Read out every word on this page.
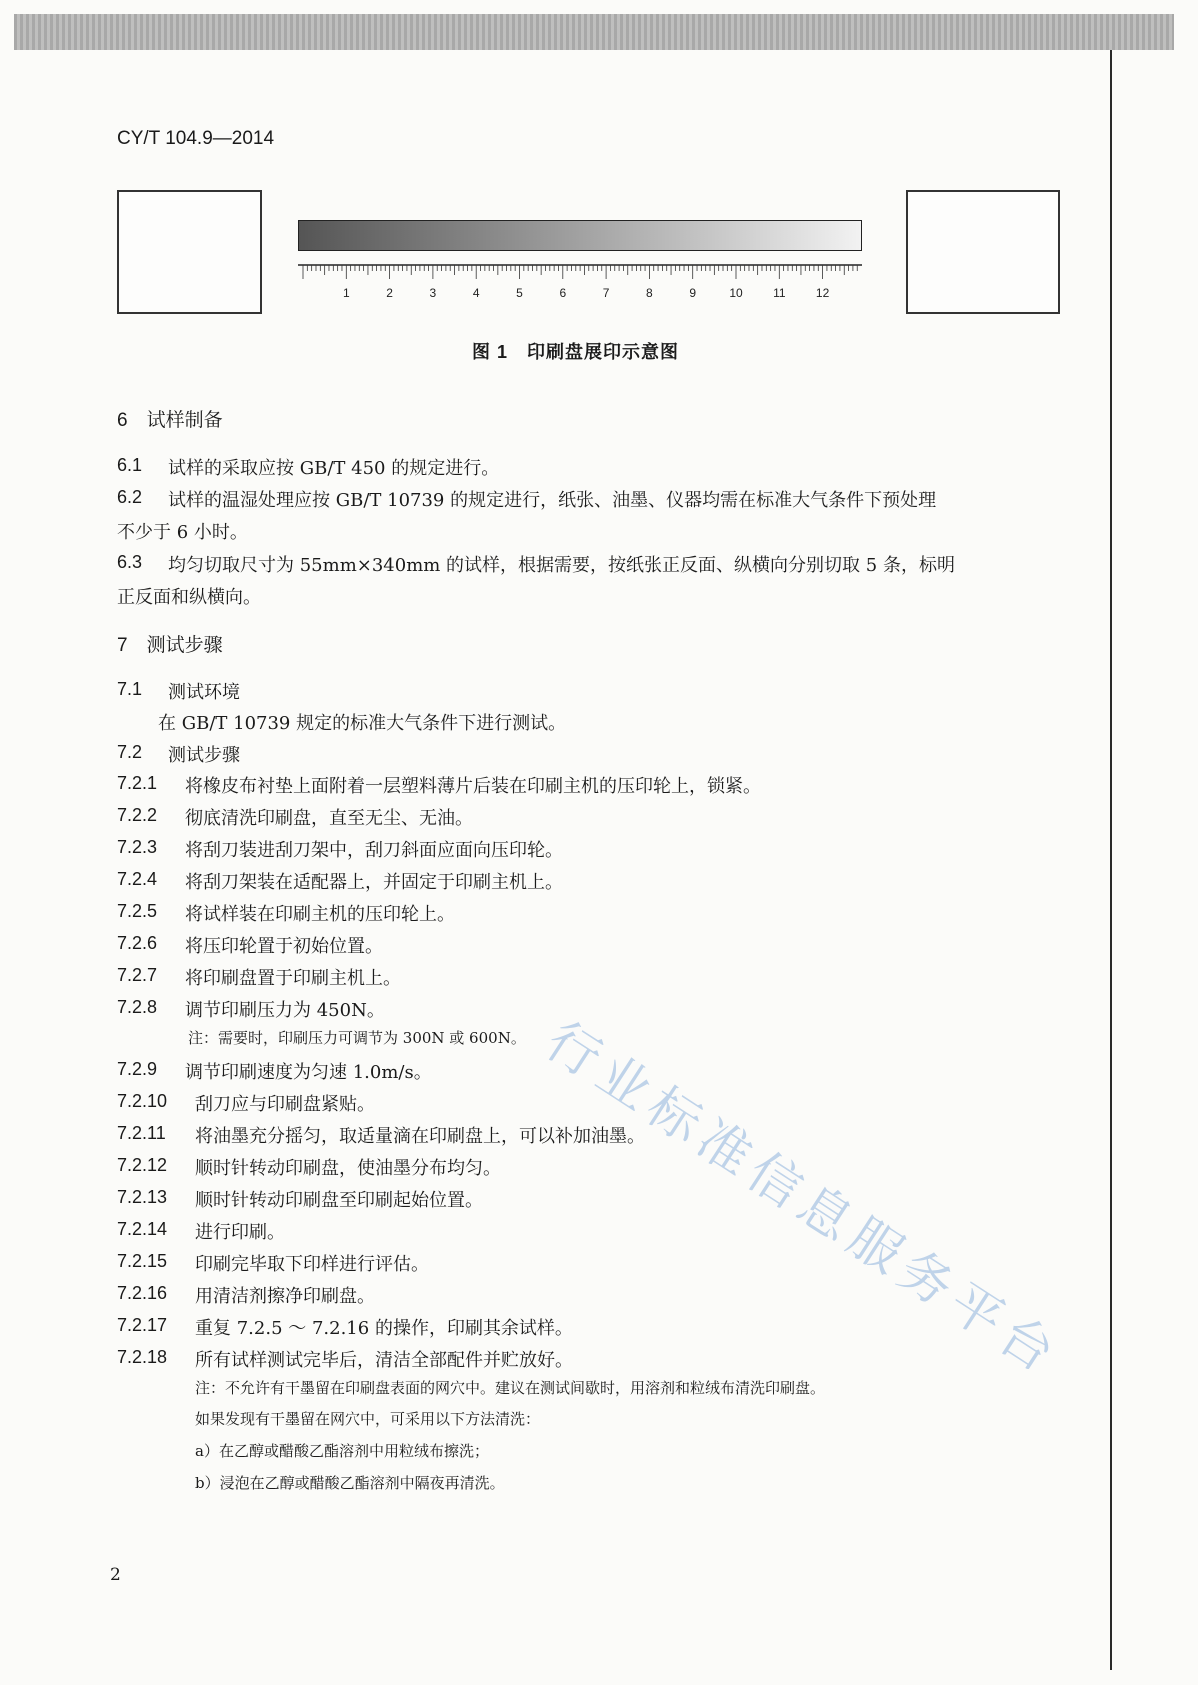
CY/T 104.9—2014
1	2	3	4	5	6	7	8	9	10	11	12
图 1　印刷盘展印示意图
6　试样制备
6.1 试样的采取应按 GB/T 450 的规定进行。
6.2 试样的温湿处理应按 GB/T 10739 的规定进行，纸张、油墨、仪器均需在标准大气条件下预处理
不少于 6 小时。
6.3 均匀切取尺寸为 55mm×340mm 的试样，根据需要，按纸张正反面、纵横向分别切取 5 条，标明
正反面和纵横向。
7　测试步骤
7.1 测试环境
在 GB/T 10739 规定的标准大气条件下进行测试。
7.2 测试步骤
7.2.1 将橡皮布衬垫上面附着一层塑料薄片后装在印刷主机的压印轮上，锁紧。
7.2.2 彻底清洗印刷盘，直至无尘、无油。
7.2.3 将刮刀装进刮刀架中，刮刀斜面应面向压印轮。
7.2.4 将刮刀架装在适配器上，并固定于印刷主机上。
7.2.5 将试样装在印刷主机的压印轮上。
7.2.6 将压印轮置于初始位置。
7.2.7 将印刷盘置于印刷主机上。
7.2.8 调节印刷压力为 450N。
注：需要时，印刷压力可调节为 300N 或 600N。
7.2.9 调节印刷速度为匀速 1.0m/s。
7.2.10 刮刀应与印刷盘紧贴。
7.2.11 将油墨充分摇匀，取适量滴在印刷盘上，可以补加油墨。
7.2.12 顺时针转动印刷盘，使油墨分布均匀。
7.2.13 顺时针转动印刷盘至印刷起始位置。
7.2.14 进行印刷。
7.2.15 印刷完毕取下印样进行评估。
7.2.16 用清洁剂擦净印刷盘。
7.2.17 重复 7.2.5 ～ 7.2.16 的操作，印刷其余试样。
7.2.18 所有试样测试完毕后，清洁全部配件并贮放好。
注：不允许有干墨留在印刷盘表面的网穴中。建议在测试间歇时，用溶剂和粒绒布清洗印刷盘。
如果发现有干墨留在网穴中，可采用以下方法清洗：
a）在乙醇或醋酸乙酯溶剂中用粒绒布擦洗；
b）浸泡在乙醇或醋酸乙酯溶剂中隔夜再清洗。
行业标准信息服务平台
2
